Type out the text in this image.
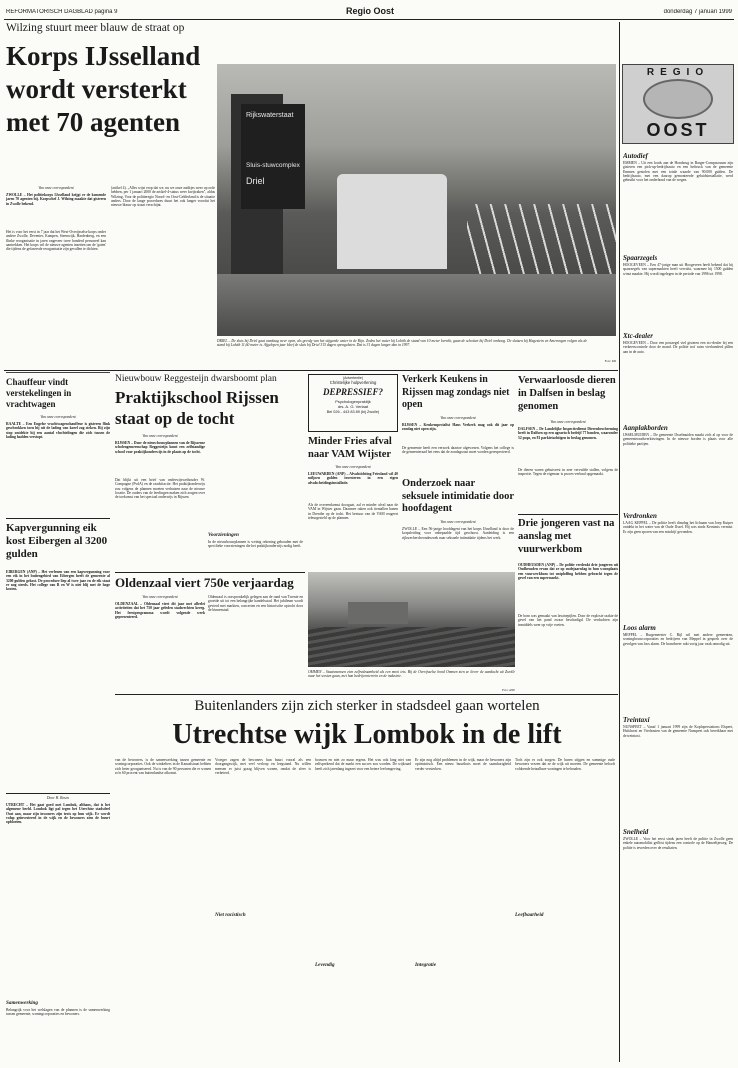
REFORMATORISCH DAGBLAD pagina 9	Regio Oost	donderdag 7 januari 1999
Wilzing stuurt meer blauw de straat op
Korps IJsselland wordt versterkt met 70 agenten
Van onze correspondent
ZWOLLE – Het politiekorps IJsselland krijgt er de komende jaren 70 agenten bij. Korpschef J. Wilzing maakte dat gisteren in Zwolle bekend.
Het is voor het eerst in 7 jaar dat het West-Overijsselse korps onder andere Zwolle, Deventer, Kampen, Steenwijk, Hardenberg, en een flinke reorganisatie in jaren ongeveer twee honderd personeel kan aantrekken. Het korps wil de nieuwe agenten inzetten om de 'gaten' die tijdens de gefaseerde reorganisatie zijn gevallen te dichten.
(artikel 4). „Alles wijst erop dat we, nu we onze auditjes weer op orde hebben, per 1 januari 2000 de artikel-4-status weer kwijtraken", aldus Wilzing. Voor de politieregio Noord- en Oost-Gelderland is de situatie anders. Door de lange procedures duurt het ook langer voordat het nieuwe blauw op straat verschijnt.
Rijkswaterstaat
Sluis-stuwcomplex
Driel
DRIEL – De sluis bij Driel gaat vandaag weer open, als gevolg van het stijgende water in de Rijn. Zodra het water bij Lobith de stand van 10 meter bereikt, gaan de schotten bij Driel omhoog. De sluizen bij Hagestein en Amerongen volgen als de stand bij Lobith 11,60 meter is. Afgelopen jaar bleef de sluis bij Driel 315 dagen opengelaten. Dat is 31 dagen langer dan in 1997.
Foto: RD
REGIO
OOST
Autodief
EMMEN – Uit een loods aan de Hondsrug in Barger-Compascuum zijn gisteren een pick-up-bedrijfsauto en een heftruck van de gemeente Emmen gestolen met een totale waarde van 90.000 gulden. De bedrijfsauto, met een daarop gemonteerde geluidsinstallatie, werd gebruikt voor het onderhoud van de wegen.
Spaarzegels
HOOGEVEEN – Een 47-jarige man uit Hoogeveen heeft bekend dat hij spaarzegels van supermarkten heeft vervalst, waarmee hij 1500 gulden winst maakte. Hij wordt ingelegen in de periode van 1996 tot 1998.
Xtc-dealer
HOOGEVEEN – Door een postzegel viel gisteren een xtc-dealer bij een verkeerscontrole door de mand. De politie trof ruim vierhonderd pillen aan in de auto.
Aanplakborden
IJSSELMUIDEN – De gemeente IJsselmuiden maakt zich al op voor de gemeenteraadsverkiezingen. In de nieuwe borden is plaats voor alle politieke partijen.
Verdronken
LAAG KEPPEL – De politie heeft dinsdag het lichaam van Joep Kuiper ontdekt in het water van de Oude IJssel. Hij was sinds Kerstmis vermist. Er zijn geen sporen van een misdrijf gevonden.
Loos alarm
MEPPEL – Burgemeester C. Bijl wil met andere gemeenten, woningbouwcorporaties en bedrijven van Meppel in gesprek over de gevolgen van loos alarm. De brandweer rukt vorig jaar vaak onnodig uit.
Treintaxi
NUNSPEET – Vanaf 1 januari 1999 zijn de Koploperstations Elspeet, Hulshorst en Vierhouten van de gemeente Nunspeet ook bereikbaar met de treintaxi.
Snelheid
ZWOLLE – Voor het eerst sinds jaren heeft de politie in Zwolle geen enkele automobilist geflitst tijdens een controle op de Hanzelijnweg. De politie is tevreden over de resultaten.
Chauffeur vindt verstekelingen in vrachtwagen
Van onze correspondent
RAALTE – Een Engelse vrachtwagenchauffeur is gisteren flink geschrokken toen hij uit de lading van koeel zag steken. Bij zijn stop ontdekte hij een aantal vluchtelingen die zich tussen de lading hadden verstopt.
Kapvergunning eik kost Eibergen al 3200 gulden
EIBERGEN (ANP) – Het verlenen van een kapvergunning voor een eik in het buitengebied van Eibergen heeft de gemeente al 3200 gulden gekost. De procedure liep al twee jaar en de eik staat er nog steeds. Het college van B en W is niet blij met de hoge kosten.
Door H. Rosen
UTRECHT – Het gaat goed met Lombok, althans, dat is het algemene beeld. Lombok ligt pal tegen het Utrechtse stadsdeel Oost aan, maar zijn inwoners zijn trots op hun wijk. Er wordt volop geïnvesteerd in de wijk en de bewoners zien de buurt opbloeien.
Samenwerking
Belangrijk voor het welslagen van de plannen is de samenwerking tussen gemeente, woningcorporaties en bewoners.
Nieuwbouw Reggesteijn dwarsboomt plan
Praktijkschool Rijssen staat op de tocht
Van onze correspondent
RIJSSEN – Door de nieuwbouwplannen van de Rijssense scholengemeenschap Reggesteijn komt een zelfstandige school voor praktijkonderwijs in de plaats op de tocht.
Dat blijkt uit een brief van onderwijswethouder W. Compagne (PvdA) en de raadsfractie. Het praktijkonderwijs zou volgens de plannen moeten verhuizen naar de nieuwe locatie. De ouders van de leerlingen maken zich zorgen over de toekomst van het speciaal onderwijs in Rijssen.
Voorzieningen
In de nieuwbouwplannen is weinig rekening gehouden met de specifieke voorzieningen die het praktijkonderwijs nodig heeft.
Oldenzaal viert 750e verjaardag
Van onze correspondent
OLDENZAAL – Oldenzaal viert dit jaar met allerlei activiteiten dat het 750 jaar geleden stadsrechten kreeg. Het feestprogramma wordt volgende week gepresenteerd.
Oldenzaal is oorspronkelijk gelegen aan de rand van Twente en groeide uit tot een belangrijke handelsstad. Het jubileum wordt gevierd met markten, concerten en een historische optocht door de binnenstad.
(Advertentie)
Christelijke hulpverlening
DEPRESSIEF?
Psychologenpraktijk
drs. A. G. Verlaat
Bel 026 - 443 83 89 (bij Zwolle)
Minder Fries afval naar VAM Wijster
Van onze correspondent
LEEUWARDEN (ANP) – Afvalstichting Friesland wil 40 miljoen gulden investeren in een eigen afvalscheidingsinstallatie.
Als de overeenkomst doorgaat, zal er minder afval naar de VAM in Wijster gaan. Daarmee raken ook tientallen banen in Drenthe op de tocht. Het bestuur van de VAM reageert teleurgesteld op de plannen.
Verkerk Keukens in Rijssen mag zondags niet open
Van onze correspondent
RIJSSEN – Keukenspecialist Hans Verkerk mag ook dit jaar op zondag niet open zijn.
De gemeente heeft een verzoek daartoe afgewezen. Volgens het college is de gemeenteraad het eens dat de zondagsrust moet worden gerespecteerd.
Onderzoek naar seksuele intimidatie door hoofdagent
Van onze correspondent
ZWOLLE – Een 56-jarige hoofdagent van het korps IJsselland is door de korpsleiding voor onbepaalde tijd geschorst. Aanleiding is een rijksrechercheonderzoek naar seksuele intimidatie tijdens het werk.
Verwaarloosde dieren in Dalfsen in beslag genomen
Van onze correspondent
DALFSEN – De Landelijke Inspectiedienst Dierenbescherming heeft in Dalfsen op een agrarisch bedrijf 77 honden, waaronder 52 pups, en 81 parkietachtigen in beslag genomen.
De dieren waren gehuisvest in zeer vervuilde stallen, volgens de inspectie. Tegen de eigenaar is proces-verbaal opgemaakt.
Drie jongeren vast na aanslag met vuurwerkbom
OUDHEUSDEN (ANP) – De politie verdenkt drie jongeren uit Oudheusden ervan dat ze op oudejaarsdag in hun woonplaats een vuurwerkbom tot ontploffing hebben gebracht tegen de gevel van een supermarkt.
De bom was gemaakt van lawinepijlen. Door de explosie raakte de gevel van het pand zwaar beschadigd. De verdachten zijn inmiddels weer op vrije voeten.
OMMEN – Staatsmensen zien zelfredzaamheid als een mooi iets. Bij de Overijsselse bond Ommen zien ze liever de aandacht uit Zwolle naar het westen gaan, met hun bedrijventerrein en de industrie.
Foto: ANP
Buitenlanders zijn zich sterker in stadsdeel gaan wortelen
Utrechtse wijk Lombok in de lift
van de bewoners, is de samenwerking tussen gemeente en woningcorporaties. Ook de winkeliers in de Kanaalstraat hebben zich beter georganiseerd. Nu is van de 90 personen die er wonen zo'n 60 procent van buitenlandse afkomst.
Vroeger zagen de bewoners hun buurt vooral als een doorgangswijk, met veel verloop en leegstand. Nu willen mensen er juist graag blijven wonen, omdat de sfeer is verbeterd.
Niet racistisch
bouwen en niet zo maar ergens. Het was ook lang niet van zelfsprekend dat de markt een succes zou worden. De wijkraad heeft zich jarenlang ingezet voor een betere leefomgeving.
Levendig
Er zijn nog altijd problemen in de wijk, maar de bewoners zijn optimistisch. Een nieuw buurthuis moet de saamhorigheid verder versterken.
Integratie
Toch zijn er ook zorgen. De huren stijgen en sommige oude bewoners vrezen dat ze de wijk uit moeten. De gemeente belooft voldoende betaalbare woningen te behouden.
Leefbaarheid
